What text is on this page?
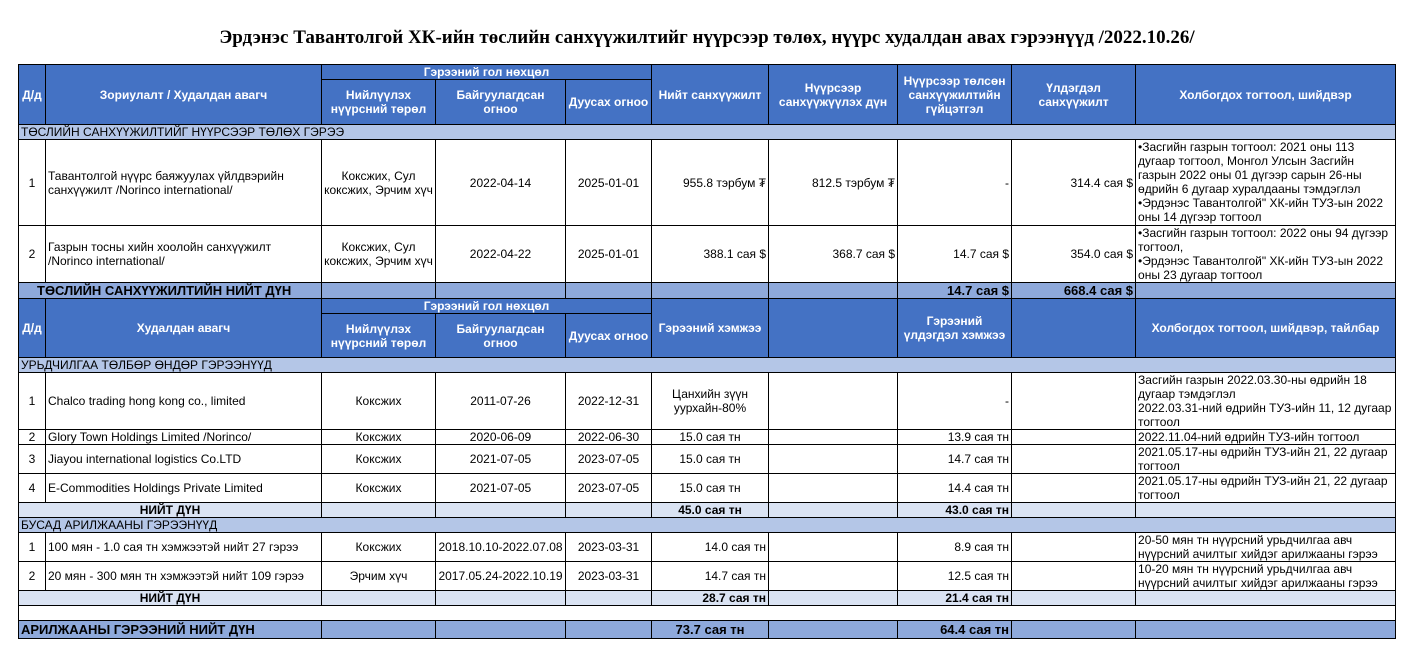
Эрдэнэс Тавантолгой ХК-ийн төслийн санхүүжилтийг нүүрсээр төлөх, нүүрс худалдан авах гэрээнүүд /2022.10.26/
Д/д	Зориулалт / Худалдан авагч	Гэрээний гол нөхцөл			Нийт санхүүжилт	Нүүрсээр санхүүжүүлэх дүн	Нүүрсээр төлсөн санхүүжилтийн гүйцэтгэл	Үлдэгдэл санхүүжилт	Холбогдох тогтоол, шийдвэр
		Нийлүүлэх нүүрсний төрөл	Байгуулагдсан огноо	Дуусах огноо					
ТӨСЛИЙН САНХҮҮЖИЛТИЙГ НҮҮРСЭЭР ТӨЛӨХ ГЭРЭЭ									
1	Тавантолгой нүүрс баяжуулах үйлдвэрийн санхүүжилт /Norinco international/	Коксжих, Сул коксжих, Эрчим хүч	2022-04-14	2025-01-01	955.8 тэрбум ₮	812.5 тэрбум ₮	-	314.4 сая $	•Засгийн газрын тогтоол: 2021 оны 113 дугаар тогтоол, Монгол Улсын Засгийн газрын 2022 оны 01 дүгээр сарын 26-ны өдрийн 6 дугаар хуралдааны тэмдэглэл
•Эрдэнэс Тавантолгой" ХК-ийн ТУЗ-ын 2022 оны 14 дүгээр тогтоол

2	Газрын тосны хийн хоолойн санхүүжилт /Norinco international/	Коксжих, Сул коксжих, Эрчим хүч	2022-04-22	2025-01-01	388.1 сая $	368.7 сая $	14.7 сая $	354.0 сая $	•Засгийн газрын тогтоол: 2022 оны 94 дүгээр тогтоол,
•Эрдэнэс Тавантолгой" ХК-ийн ТУЗ-ын 2022 оны 23 дугаар тогтоол

ТӨСЛИЙН САНХҮҮЖИЛТИЙН НИЙТ ДҮН							14.7 сая $	668.4 сая $	
Д/д	Худалдан авагч	Гэрээний гол нөхцөл			Гэрээний хэмжээ		Гэрээний үлдэгдэл хэмжээ		Холбогдох тогтоол, шийдвэр, тайлбар
		Нийлүүлэх нүүрсний төрөл	Байгуулагдсан огноо	Дуусах огноо					
УРЬДЧИЛГАА ТӨЛБӨР ӨНДӨР ГЭРЭЭНҮҮД									
1	Chalco trading hong kong co., limited	Коксжих	2011-07-26	2022-12-31	Цанхийн зүүн уурхайн-80%		-		Засгийн газрын 2022.03.30-ны өдрийн 18 дугаар тэмдэглэл
2022.03.31-ний өдрийн ТУЗ-ийн 11, 12 дугаар тогтоол

2	Glory Town Holdings Limited /Norinco/	Коксжих	2020-06-09	2022-06-30	15.0 сая тн		13.9 сая тн		2022.11.04-ний өдрийн ТУЗ-ийн тогтоол

3	Jiayou international logistics Co.LTD	Коксжих	2021-07-05	2023-07-05	15.0 сая тн		14.7 сая тн		2021.05.17-ны өдрийн ТУЗ-ийн 21, 22 дугаар тогтоол

4	E-Commodities Holdings Private Limited	Коксжих	2021-07-05	2023-07-05	15.0 сая тн		14.4 сая тн		2021.05.17-ны өдрийн ТУЗ-ийн 21, 22 дугаар тогтоол

НИЙТ ДҮН					45.0 сая тн		43.0 сая тн		
БУСАД АРИЛЖААНЫ ГЭРЭЭНҮҮД									
1	100 мян - 1.0 сая тн хэмжээтэй нийт 27 гэрээ	Коксжих	2018.10.10-2022.07.08	2023-03-31	14.0 сая тн		8.9 сая тн		20-50 мян тн нүүрсний урьдчилгаа авч нүүрсний ачилтыг хийдэг арилжааны гэрээ

2	20 мян - 300 мян тн хэмжээтэй нийт 109 гэрээ	Эрчим хүч	2017.05.24-2022.10.19	2023-03-31	14.7 сая тн		12.5 сая тн		10-20 мян тн нүүрсний урьдчилгаа авч нүүрсний ачилтыг хийдэг арилжааны гэрээ

НИЙТ ДҮН					28.7 сая тн		21.4 сая тн		

АРИЛЖААНЫ ГЭРЭЭНИЙ НИЙТ ДҮН					73.7 сая тн		64.4 сая тн		
